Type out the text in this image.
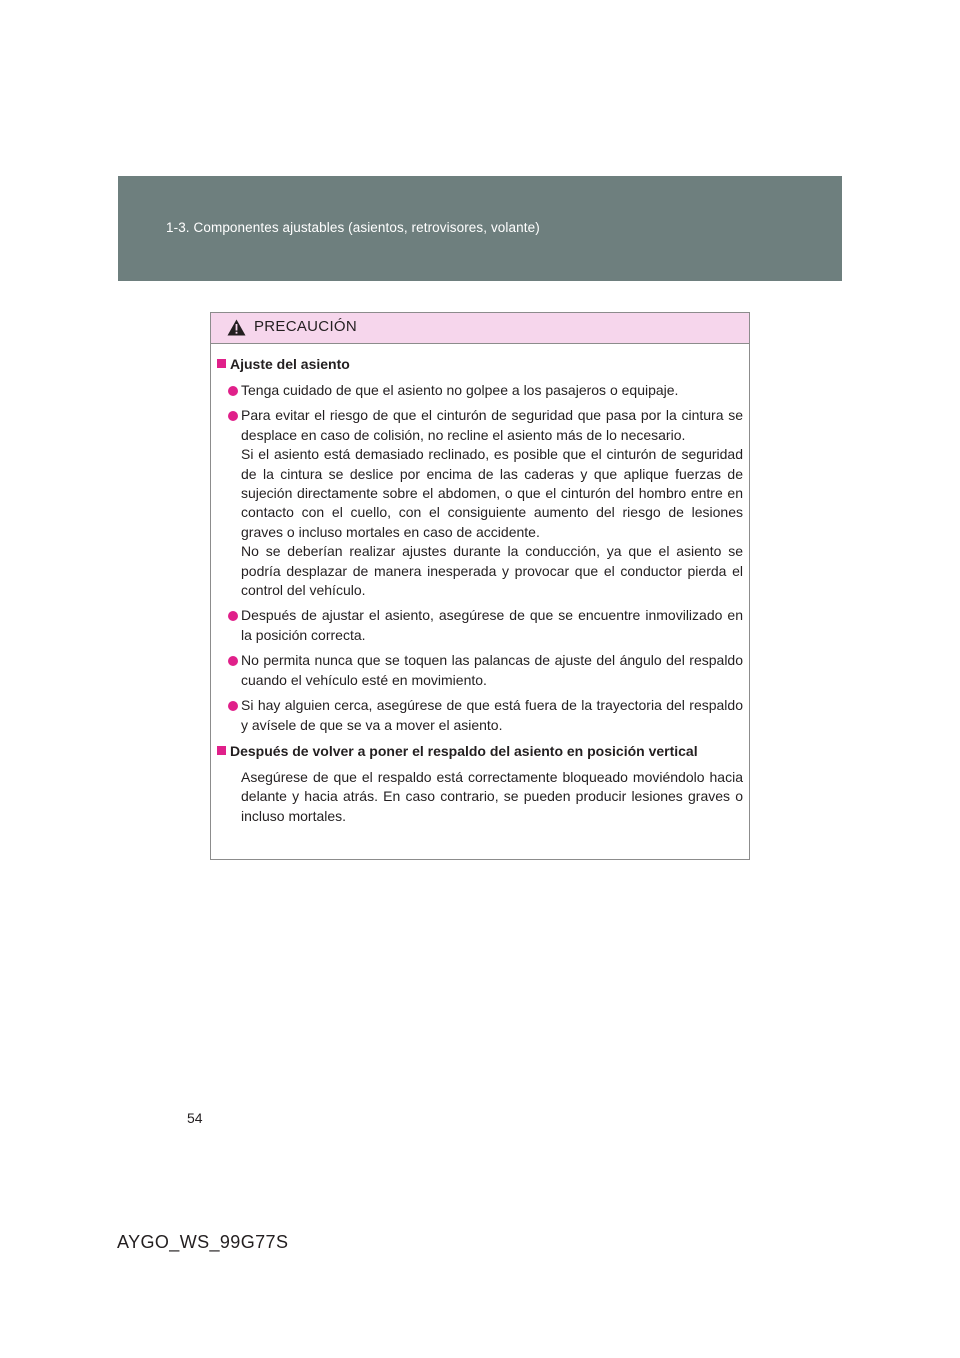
1-3. Componentes ajustables (asientos, retrovisores, volante)
PRECAUCIÓN
Ajuste del asiento
Tenga cuidado de que el asiento no golpee a los pasajeros o equipaje.
Para evitar el riesgo de que el cinturón de seguridad que pasa por la cintura se desplace en caso de colisión, no recline el asiento más de lo necesario.
Si el asiento está demasiado reclinado, es posible que el cinturón de seguridad de la cintura se deslice por encima de las caderas y que aplique fuerzas de sujeción directamente sobre el abdomen, o que el cinturón del hombro entre en contacto con el cuello, con el consiguiente aumento del riesgo de lesiones graves o incluso mortales en caso de accidente.
No se deberían realizar ajustes durante la conducción, ya que el asiento se podría desplazar de manera inesperada y provocar que el conductor pierda el control del vehículo.
Después de ajustar el asiento, asegúrese de que se encuentre inmovilizado en la posición correcta.
No permita nunca que se toquen las palancas de ajuste del ángulo del respaldo cuando el vehículo esté en movimiento.
Si hay alguien cerca, asegúrese de que está fuera de la trayectoria del respaldo y avísele de que se va a mover el asiento.
Después de volver a poner el respaldo del asiento en posición vertical

Asegúrese de que el respaldo está correctamente bloqueado moviéndolo hacia delante y hacia atrás. En caso contrario, se pueden producir lesiones graves o incluso mortales.

54
AYGO_WS_99G77S
